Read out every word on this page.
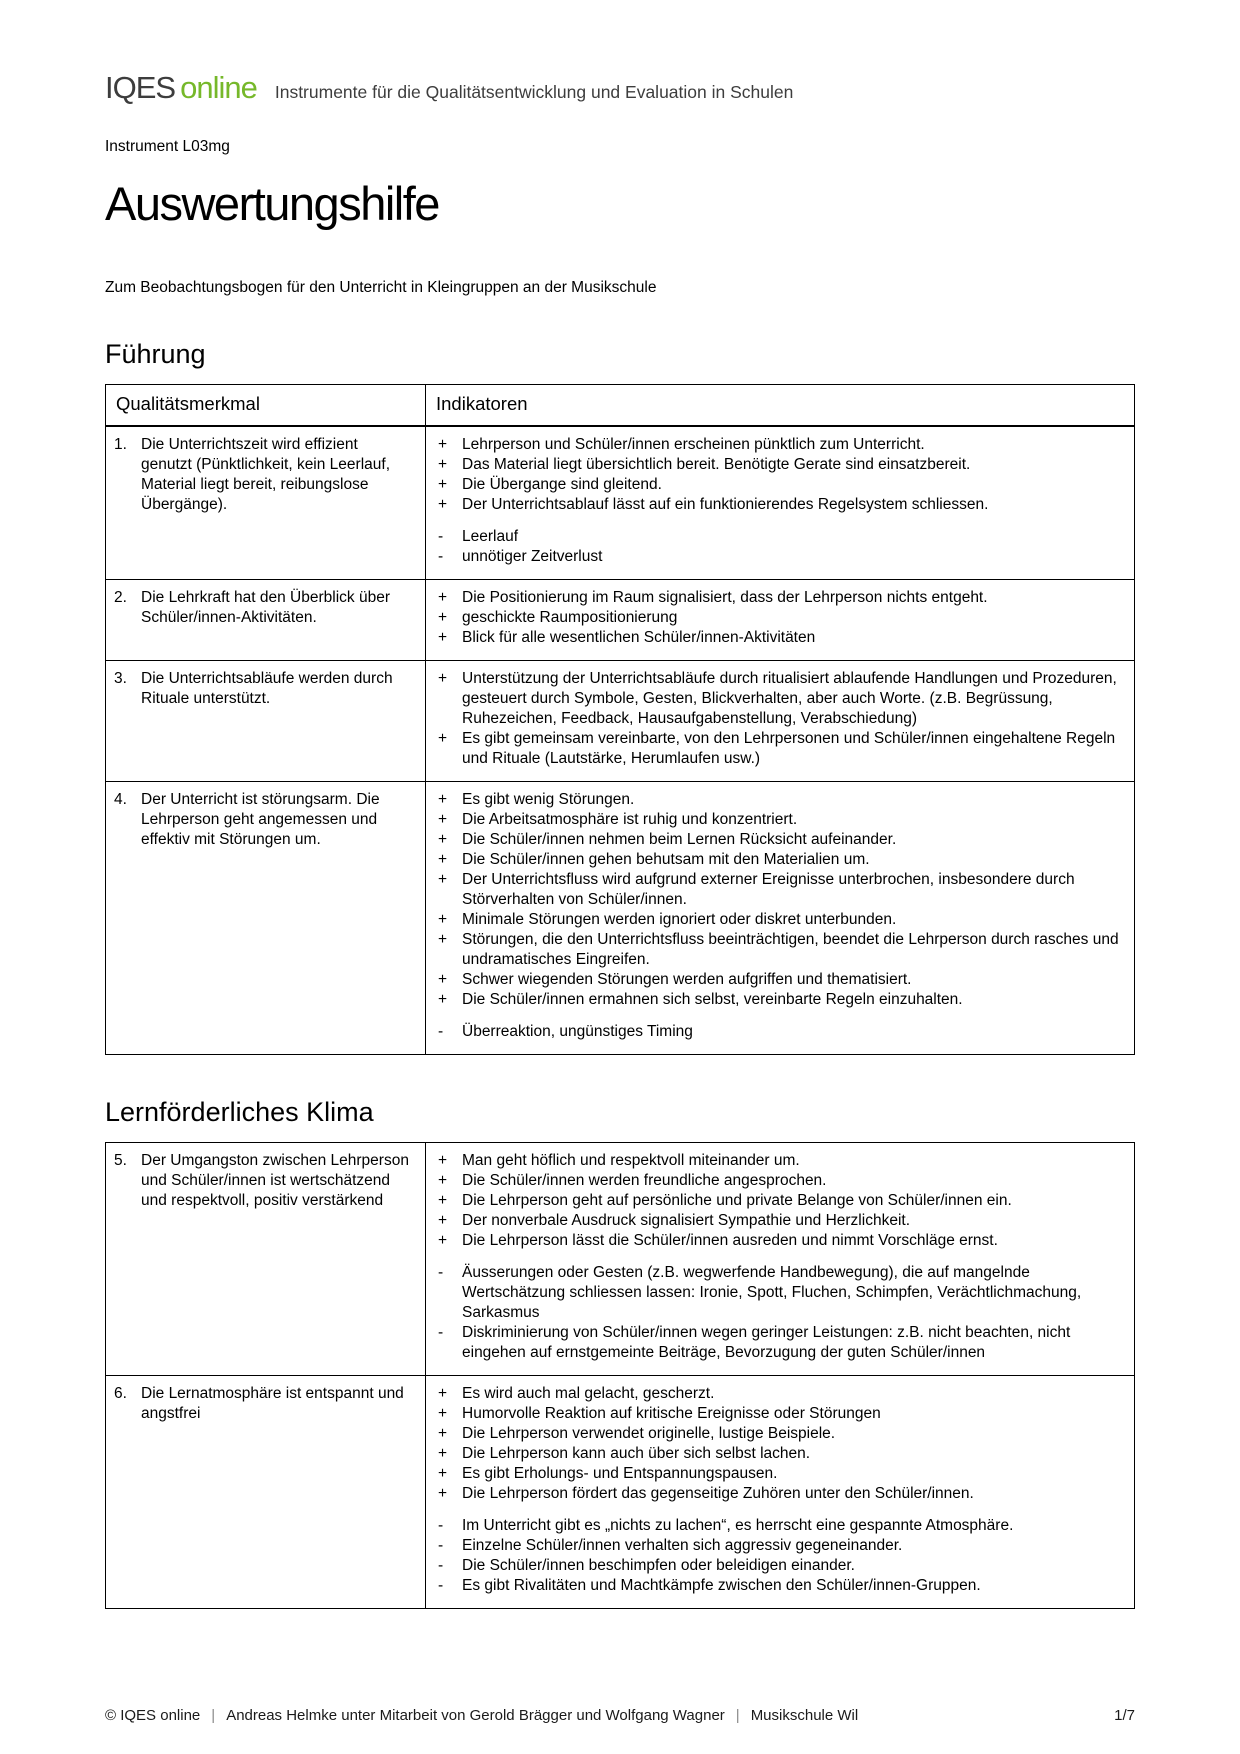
IQES online Instrumente für die Qualitätsentwicklung und Evaluation in Schulen
Instrument L03mg
Auswertungshilfe

Zum Beobachtungsbogen für den Unterricht in Kleingruppen an der Musikschule

Führung
Qualitätsmerkmal	Indikatoren

1. Die Unterrichtszeit wird effizient genutzt (Pünktlichkeit, kein Leerlauf, Material liegt bereit, reibungslose Übergänge).

+ Lehrperson und Schüler/innen erscheinen pünktlich zum Unterricht.
+ Das Material liegt übersichtlich bereit. Benötigte Gerate sind einsatzbereit.
+ Die Übergange sind gleitend.
+ Der Unterrichtsablauf lässt auf ein funktionierendes Regelsystem schliessen.
-	Leerlauf
-	unnötiger Zeitverlust

2. Die Lehrkraft hat den Überblick über Schüler/innen-Aktivitäten.

+ Die Positionierung im Raum signalisiert, dass der Lehrperson nichts entgeht.
+ geschickte Raumpositionierung
+ Blick für alle wesentlichen Schüler/innen-Aktivitäten

3. Die Unterrichtsabläufe werden durch Rituale unterstützt.

+ Unterstützung der Unterrichtsabläufe durch ritualisiert ablaufende Handlungen und Prozeduren, gesteuert durch Symbole, Gesten, Blickverhalten, aber auch Worte. (z.B. Begrüssung, Ruhezeichen, Feedback, Hausaufgabenstellung, Verabschiedung)
+ Es gibt gemeinsam vereinbarte, von den Lehrpersonen und Schüler/innen eingehaltene Regeln und Rituale (Lautstärke, Herumlaufen usw.)

4. Der Unterricht ist störungsarm. Die Lehrperson geht angemessen und effektiv mit Störungen um.

+ Es gibt wenig Störungen.
+ Die Arbeitsatmosphäre ist ruhig und konzentriert.
+ Die Schüler/innen nehmen beim Lernen Rücksicht aufeinander.
+ Die Schüler/innen gehen behutsam mit den Materialien um.
+ Der Unterrichtsfluss wird aufgrund externer Ereignisse unterbrochen, insbesondere durch Störverhalten von Schüler/innen.
+ Minimale Störungen werden ignoriert oder diskret unterbunden.
+ Störungen, die den Unterrichtsfluss beeinträchtigen, beendet die Lehrperson durch rasches und undramatisches Eingreifen.
+ Schwer wiegenden Störungen werden aufgriffen und thematisiert.
+ Die Schüler/innen ermahnen sich selbst, vereinbarte Regeln einzuhalten.
-	Überreaktion, ungünstiges Timing
Lernförderliches Klima
5. Der Umgangston zwischen Lehrperson und Schüler/innen ist wertschätzend und respektvoll, positiv verstärkend

+ Man geht höflich und respektvoll miteinander um.
+ Die Schüler/innen werden freundliche angesprochen.
+ Die Lehrperson geht auf persönliche und private Belange von Schüler/innen ein.
+ Der nonverbale Ausdruck signalisiert Sympathie und Herzlichkeit.
+ Die Lehrperson lässt die Schüler/innen ausreden und nimmt Vorschläge ernst.
-	Äusserungen oder Gesten (z.B. wegwerfende Handbewegung), die auf mangelnde Wertschätzung schliessen lassen: Ironie, Spott, Fluchen, Schimpfen, Verächtlichmachung, Sarkasmus
-	Diskriminierung von Schüler/innen wegen geringer Leistungen: z.B. nicht beachten, nicht eingehen auf ernstgemeinte Beiträge, Bevorzugung der guten Schüler/innen

6. Die Lernatmosphäre ist entspannt und angstfrei

+ Es wird auch mal gelacht, gescherzt.
+ Humorvolle Reaktion auf kritische Ereignisse oder Störungen
+ Die Lehrperson verwendet originelle, lustige Beispiele.
+ Die Lehrperson kann auch über sich selbst lachen.
+ Es gibt Erholungs- und Entspannungspausen.
+ Die Lehrperson fördert das gegenseitige Zuhören unter den Schüler/innen.
-	Im Unterricht gibt es „nichts zu lachen“, es herrscht eine gespannte Atmosphäre.
-	Einzelne Schüler/innen verhalten sich aggressiv gegeneinander.
-	Die Schüler/innen beschimpfen oder beleidigen einander.
-	Es gibt Rivalitäten und Machtkämpfe zwischen den Schüler/innen-Gruppen.
© IQES online | Andreas Helmke unter Mitarbeit von Gerold Brägger und Wolfgang Wagner | Musikschule Wil	1/7
